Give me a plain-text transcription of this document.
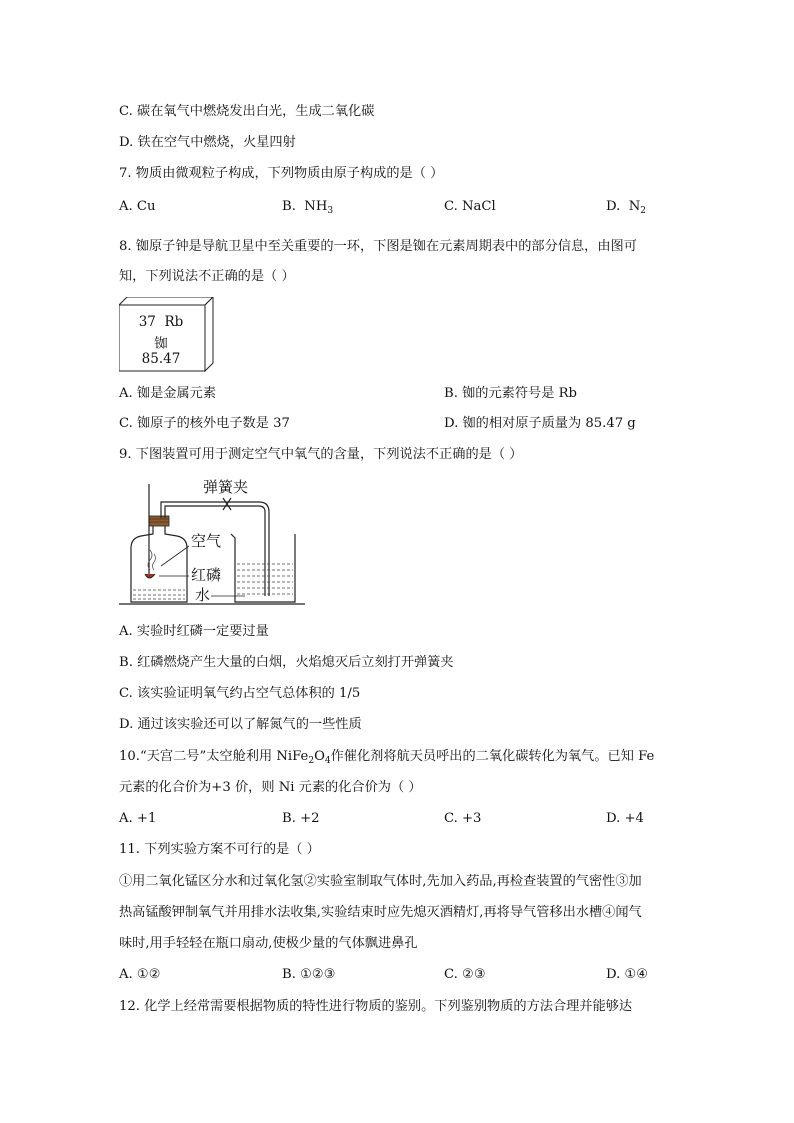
C. 碳在氧气中燃烧发出白光，生成二氧化碳
D. 铁在空气中燃烧，火星四射
7. 物质由微观粒子构成，下列物质由原子构成的是（ ）
A. Cu	B. $NH_3$	C. NaCl	D. $N_2$
8. 铷原子钟是导航卫星中至关重要的一环，下图是铷在元素周期表中的部分信息，由图可
知，下列说法不正确的是（ ）
37 Rb
铷
85.47
A. 铷是金属元素	B. 铷的元素符号是 Rb
C. 铷原子的核外电子数是 37	D. 铷的相对原子质量为 85.47 g
9. 下图装置可用于测定空气中氧气的含量，下列说法不正确的是（ ）
弹簧夹
空气
红磷
水
A. 实验时红磷一定要过量
B. 红磷燃烧产生大量的白烟，火焰熄灭后立刻打开弹簧夹
C. 该实验证明氧气约占空气总体积的 1/5
D. 通过该实验还可以了解氮气的一些性质
10.“天宫二号”太空舱利用 $NiFe_2O_4$作催化剂将航天员呼出的二氧化碳转化为氧气。已知 Fe
元素的化合价为+3 价，则 Ni 元素的化合价为（ ）
A. +1	B. +2	C. +3	D. +4
11. 下列实验方案不可行的是（ ）
①用二氧化锰区分水和过氧化氢②实验室制取气体时,先加入药品,再检查装置的气密性③加
热高锰酸钾制氧气并用排水法收集,实验结束时应先熄灭酒精灯,再将导气管移出水槽④闻气
味时,用手轻轻在瓶口扇动,使极少量的气体飘进鼻孔
A. ①②	B. ①②③	C. ②③	D. ①④
12. 化学上经常需要根据物质的特性进行物质的鉴别。下列鉴别物质的方法合理并能够达
